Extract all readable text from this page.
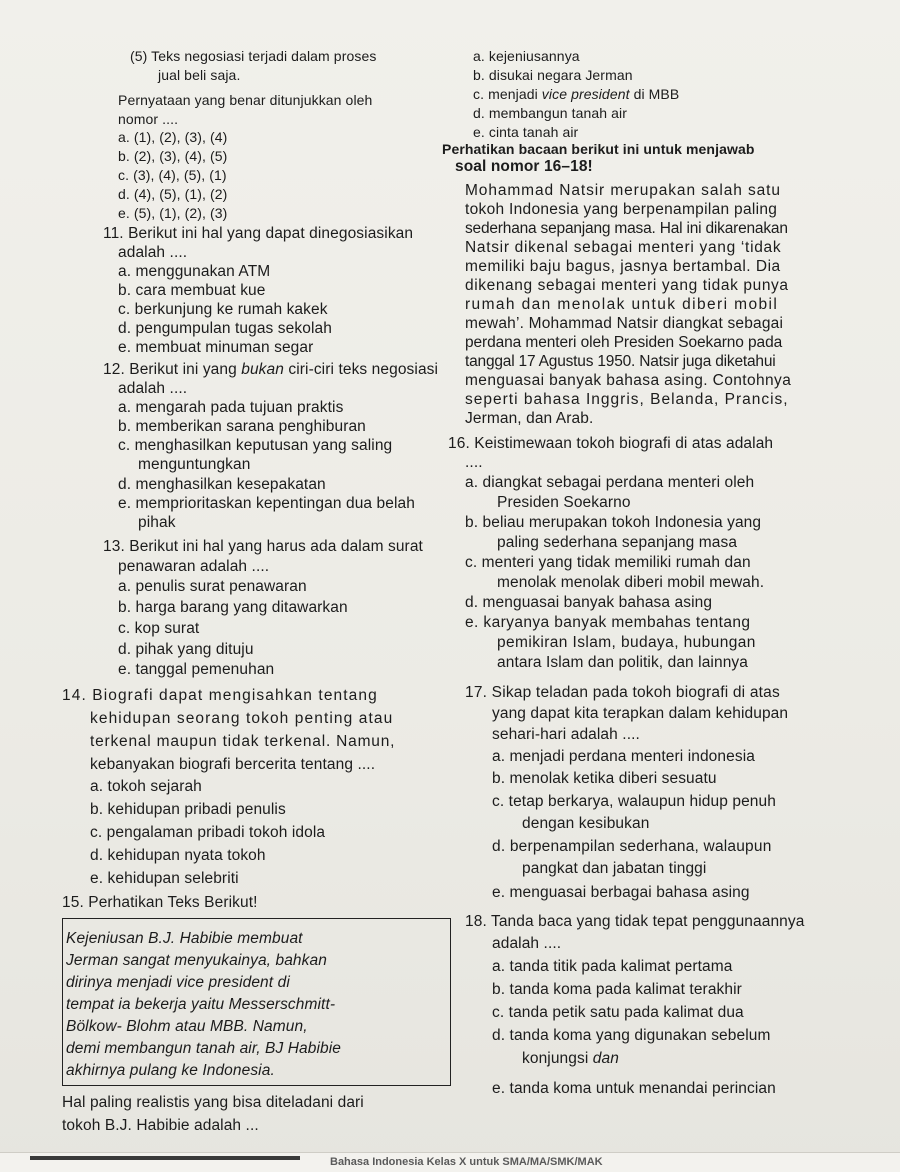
(5) Teks negosiasi terjadi dalam proses
jual beli saja.
Pernyataan yang benar ditunjukkan oleh
nomor ....
a. (1), (2), (3), (4)
b. (2), (3), (4), (5)
c. (3), (4), (5), (1)
d. (4), (5), (1), (2)
e. (5), (1), (2), (3)
11. Berikut ini hal yang dapat dinegosiasikan
adalah ....
a. menggunakan ATM
b. cara membuat kue
c. berkunjung ke rumah kakek
d. pengumpulan tugas sekolah
e. membuat minuman segar
12. Berikut ini yang bukan ciri-ciri teks negosiasi
adalah ....
a. mengarah pada tujuan praktis
b. memberikan sarana penghiburan
c. menghasilkan keputusan yang saling
menguntungkan
d. menghasilkan kesepakatan
e. memprioritaskan kepentingan dua belah
pihak
13. Berikut ini hal yang harus ada dalam surat
penawaran adalah ....
a. penulis surat penawaran
b. harga barang yang ditawarkan
c. kop surat
d. pihak yang dituju
e. tanggal pemenuhan
14. Biografi dapat mengisahkan tentang
kehidupan seorang tokoh penting atau
terkenal maupun tidak terkenal. Namun,
kebanyakan biografi bercerita tentang ....
a. tokoh sejarah
b. kehidupan pribadi penulis
c. pengalaman pribadi tokoh idola
d. kehidupan nyata tokoh
e. kehidupan selebriti
15. Perhatikan Teks Berikut!
Kejeniusan B.J. Habibie membuat
Jerman sangat menyukainya, bahkan
dirinya menjadi vice president di
tempat ia bekerja yaitu Messerschmitt-
Bölkow- Blohm atau MBB. Namun,
demi membangun tanah air, BJ Habibie
akhirnya pulang ke Indonesia.
Hal paling realistis yang bisa diteladani dari
tokoh B.J. Habibie adalah ...
a. kejeniusannya
b. disukai negara Jerman
c. menjadi vice president di MBB
d. membangun tanah air
e. cinta tanah air
Perhatikan bacaan berikut ini untuk menjawab
soal nomor 16–18!
Mohammad Natsir merupakan salah satu
tokoh Indonesia yang berpenampilan paling
sederhana sepanjang masa. Hal ini dikarenakan
Natsir dikenal sebagai menteri yang ‘tidak
memiliki baju bagus, jasnya bertambal. Dia
dikenang sebagai menteri yang tidak punya
rumah dan menolak untuk diberi mobil
mewah’. Mohammad Natsir diangkat sebagai
perdana menteri oleh Presiden Soekarno pada
tanggal 17 Agustus 1950. Natsir juga diketahui
menguasai banyak bahasa asing. Contohnya
seperti bahasa Inggris, Belanda, Prancis,
Jerman, dan Arab.
16. Keistimewaan tokoh biografi di atas adalah
....
a. diangkat sebagai perdana menteri oleh
Presiden Soekarno
b. beliau merupakan tokoh Indonesia yang
paling sederhana sepanjang masa
c. menteri yang tidak memiliki rumah dan
menolak menolak diberi mobil mewah.
d. menguasai banyak bahasa asing
e. karyanya banyak membahas tentang
pemikiran Islam, budaya, hubungan
antara Islam dan politik, dan lainnya
17. Sikap teladan pada tokoh biografi di atas
yang dapat kita terapkan dalam kehidupan
sehari-hari adalah ....
a. menjadi perdana menteri indonesia
b. menolak ketika diberi sesuatu
c. tetap berkarya, walaupun hidup penuh
dengan kesibukan
d. berpenampilan sederhana, walaupun
pangkat dan jabatan tinggi
e. menguasai berbagai bahasa asing
18. Tanda baca yang tidak tepat penggunaannya
adalah ....
a. tanda titik pada kalimat pertama
b. tanda koma pada kalimat terakhir
c. tanda petik satu pada kalimat dua
d. tanda koma yang digunakan sebelum
konjungsi dan
e. tanda koma untuk menandai perincian
Bahasa Indonesia Kelas X untuk SMA/MA/SMK/MAK
